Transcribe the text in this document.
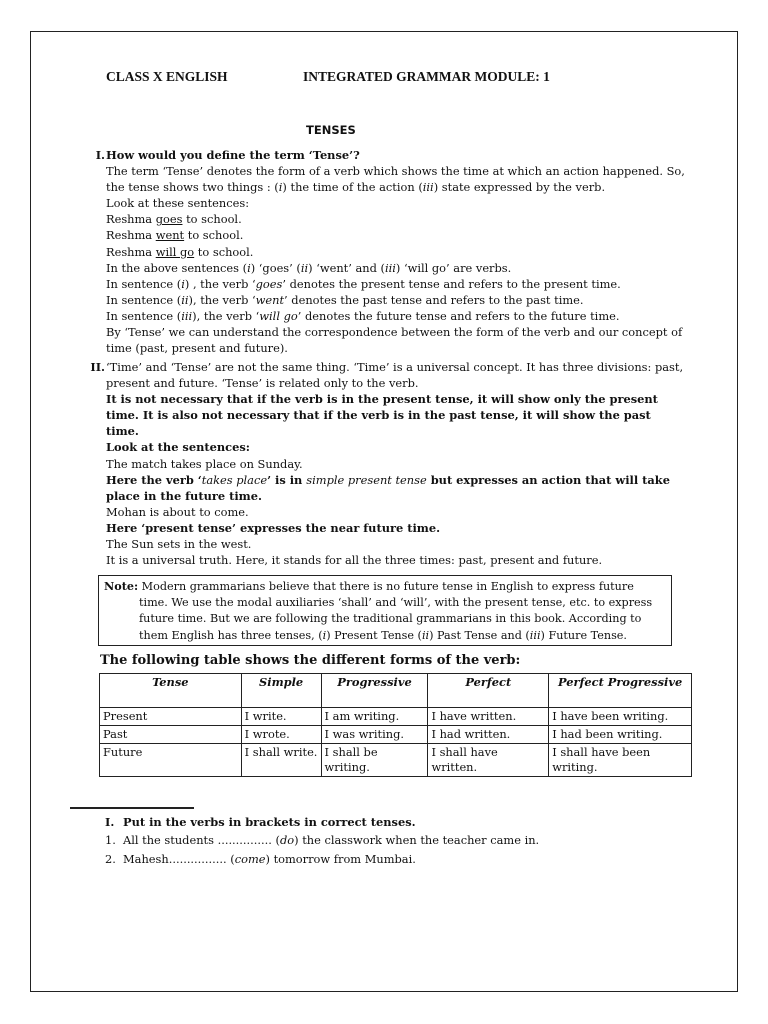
CLASS X ENGLISH	INTEGRATED GRAMMAR MODULE: 1
TENSES
I. How would you define the term ‘Tense’?
The term ‘Tense’ denotes the form of a verb which shows the time at which an action happened. So,
the tense shows two things : (i) the time of the action (iii) state expressed by the verb.
Look at these sentences:
Reshma goes to school.
Reshma went to school.
Reshma will go to school.
In the above sentences (i) ‘goes’ (ii) ‘went’ and (iii) ‘will go’ are verbs.
In sentence (i) , the verb ‘goes’ denotes the present tense and refers to the present time.
In sentence (ii), the verb ‘went’ denotes the past tense and refers to the past time.
In sentence (iii), the verb ‘will go’ denotes the future tense and refers to the future time.
By ‘Tense’ we can understand the correspondence between the form of the verb and our concept of
time (past, present and future).
II. ‘Time’ and ‘Tense’ are not the same thing. ‘Time’ is a universal concept. It has three divisions: past,
present and future. ‘Tense’ is related only to the verb.
It is not necessary that if the verb is in the present tense, it will show only the present
time. It is also not necessary that if the verb is in the past tense, it will show the past
time.
Look at the sentences:
The match takes place on Sunday.
Here the verb ‘takes place’ is in simple present tense but expresses an action that will take
place in the future time.
Mohan is about to come.
Here ‘present tense’ expresses the near future time.
The Sun sets in the west.
It is a universal truth. Here, it stands for all the three times: past, present and future.
Note: Modern grammarians believe that there is no future tense in English to express future
time. We use the modal auxiliaries ‘shall’ and ‘will’, with the present tense, etc. to express
future time. But we are following the traditional grammarians in this book. According to
them English has three tenses, (i) Present Tense (ii) Past Tense and (iii) Future Tense.
The following table shows the different forms of the verb:
Tense	Simple	Progressive	Perfect	Perfect Progressive
Present	I write.	I am writing.	I have written.	I have been writing.
Past	I wrote.	I was writing.	I had written.	I had been writing.
Future	I shall write.	I shall be writing.	I shall have written.	I shall have been writing.
I. Put in the verbs in brackets in correct tenses.
1. All the students ............... (do) the classwork when the teacher came in.
2. Mahesh................ (come) tomorrow from Mumbai.
